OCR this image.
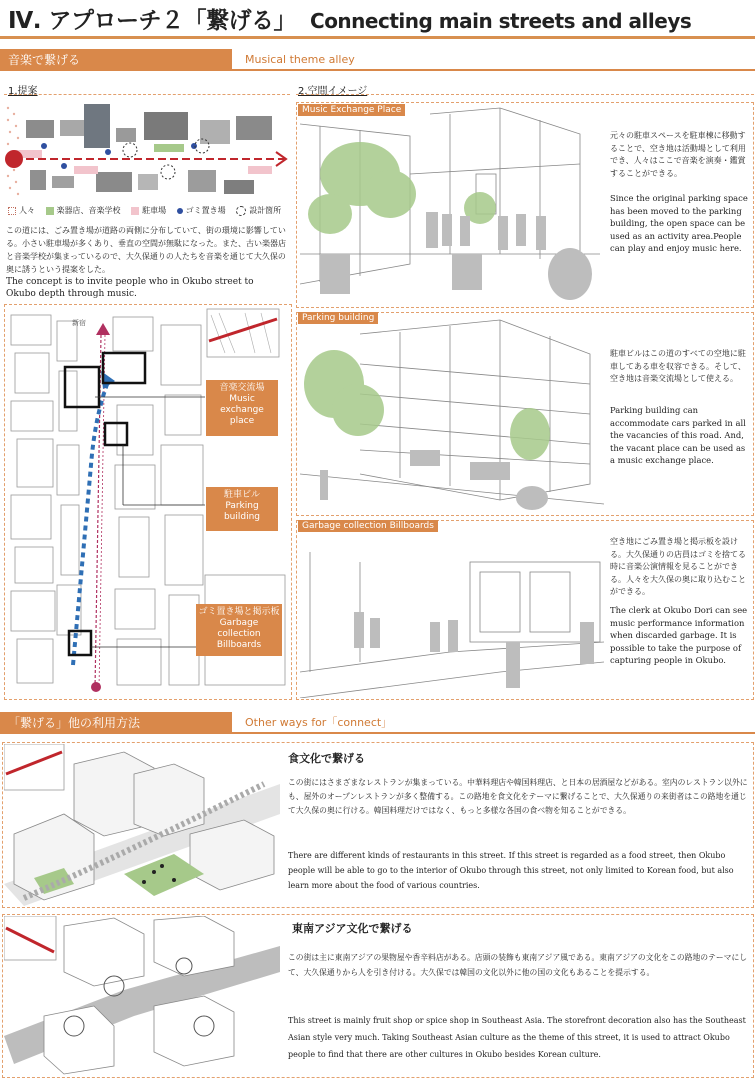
Ⅳ. アプローチ２「繋げる」 Connecting main streets and alleys
音楽で繋げる	Musical theme alley
1.提案
人々	楽器店、音楽学校	駐車場 ゴミ置き場	設計箇所
この道には、ごみ置き場が道路の両側に分布していて、街の環境に影響している。小さい駐車場が多くあり、垂直の空間が無駄になった。また、古い楽器店と音楽学校が集まっているので、大久保通りの人たちを音楽を通じて大久保の奥に誘うという提案をした。
The concept is to invite people who in Okubo street to Okubo depth through music.
新宿
音楽交流場
Music exchange place
駐車ビル
Parking building
ゴミ置き場と掲示板
Garbage collection Billboards
2.空間イメージ
Music Exchange Place
元々の駐車スペースを駐車棟に移動することで、空き地は活動場として利用でき、人々はここで音楽を演奏・鑑賞することができる。
Since the original parking space has been moved to the parking building, the open space can be used as an activity area.People can play and enjoy music here.
Parking building
駐車ビルはこの道のすべての空地に駐車してある車を収容できる。そして、空き地は音楽交流場として使える。
Parking building can accommodate cars parked in all the vacancies of this road. And, the vacant place can be used as a music exchange place.
Garbage collection Billboards
空き地にごみ置き場と掲示板を設ける。大久保通りの店員はゴミを捨てる時に音楽公演情報を見ることができる。人々を大久保の奥に取り込むことができる。
The clerk at Okubo Dori can see music performance information when discarded garbage. It is possible to take the purpose of capturing people in Okubo.
「繋げる」他の利用方法	Other ways for「connect」
食文化で繋げる
この街にはさまざまなレストランが集まっている。中華料理店や韓国料理店、と日本の居酒屋などがある。室内のレストラン以外にも、屋外のオープンレストランが多く整備する。この路地を食文化をテーマに繋げることで、大久保通りの来街者はこの路地を通じて大久保の奥に行ける。韓国料理だけではなく、もっと多様な各国の食べ物を知ることができる。
There are different kinds of restaurants in this street. If this street is regarded as a food street, then Okubo people will be able to go to the interior of Okubo through this street, not only limited to Korean food, but also learn more about the food of various countries.
東南アジア文化で繋げる
この街は主に東南アジアの果物屋や香辛料店がある。店頭の装飾も東南アジア風である。東南アジアの文化をこの路地のテーマにして、大久保通りから人を引き付ける。大久保では韓国の文化以外に他の国の文化もあることを提示する。
This street is mainly fruit shop or spice shop in Southeast Asia. The storefront decoration also has the Southeast Asian style very much. Taking Southeast Asian culture as the theme of this street, it is used to attract Okubo people to find that there are other cultures in Okubo besides Korean culture.
